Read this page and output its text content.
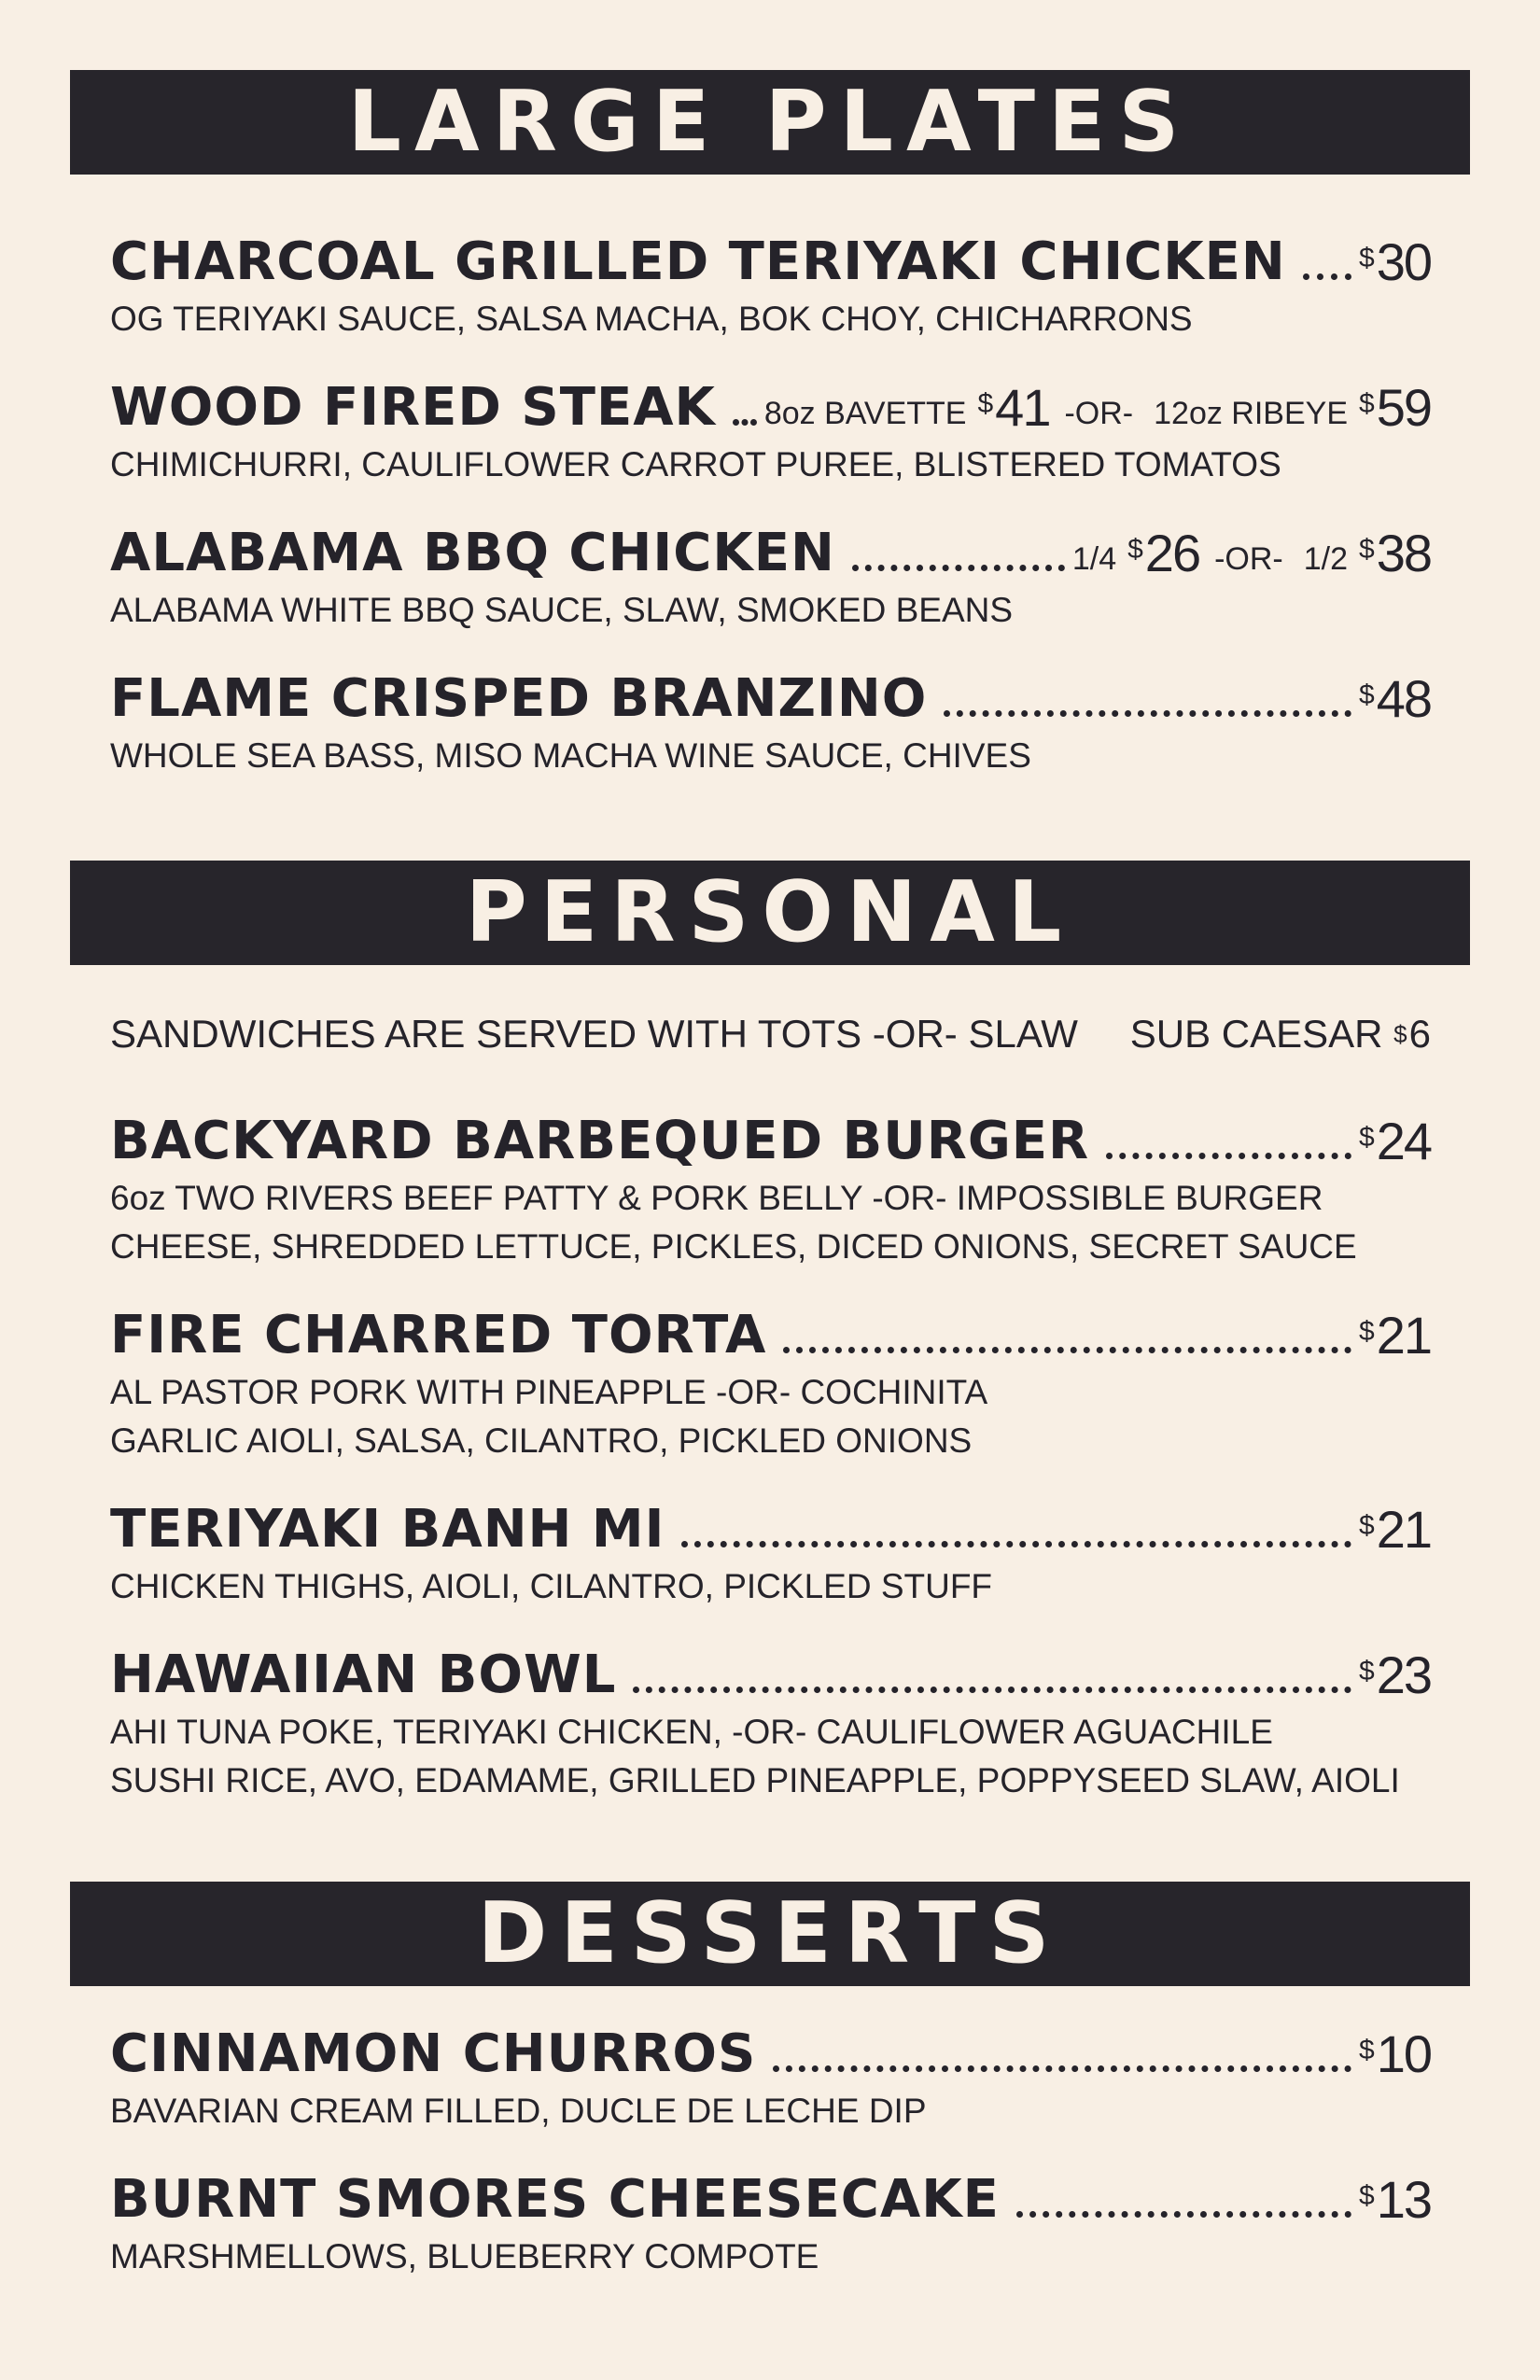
LARGE PLATES
CHARCOAL GRILLED TERIYAKI CHICKEN	$ 30
OG TERIYAKI SAUCE, SALSA MACHA, BOK CHOY, CHICHARRONS
WOOD FIRED STEAK 8oz BAVETTE $ 41 -OR- 12oz RIBEYE $ 59
CHIMICHURRI, CAULIFLOWER CARROT PUREE, BLISTERED TOMATOS
ALABAMA BBQ CHICKEN	1/4 $ 26 -OR- 1/2 $ 38
ALABAMA WHITE BBQ SAUCE, SLAW, SMOKED BEANS
FLAME CRISPED BRANZINO	$ 48
WHOLE SEA BASS, MISO MACHA WINE SAUCE, CHIVES
PERSONAL
SANDWICHES ARE SERVED WITH TOTS -OR- SLAW SUB CAESAR
$ 6
BACKYARD BARBEQUED BURGER	$ 24
6oz TWO RIVERS BEEF PATTY & PORK BELLY -OR- IMPOSSIBLE BURGER
CHEESE, SHREDDED LETTUCE, PICKLES, DICED ONIONS, SECRET SAUCE
FIRE CHARRED TORTA	$ 21
AL PASTOR PORK WITH PINEAPPLE -OR- COCHINITA
GARLIC AIOLI, SALSA, CILANTRO, PICKLED ONIONS
TERIYAKI BANH MI	$ 21
CHICKEN THIGHS, AIOLI, CILANTRO, PICKLED STUFF
HAWAIIAN BOWL	$ 23
AHI TUNA POKE, TERIYAKI CHICKEN, -OR- CAULIFLOWER AGUACHILE
SUSHI RICE, AVO, EDAMAME, GRILLED PINEAPPLE, POPPYSEED SLAW, AIOLI
DESSERTS
CINNAMON CHURROS	$ 10
BAVARIAN CREAM FILLED, DUCLE DE LECHE DIP
BURNT SMORES CHEESECAKE	$ 13
MARSHMELLOWS, BLUEBERRY COMPOTE
